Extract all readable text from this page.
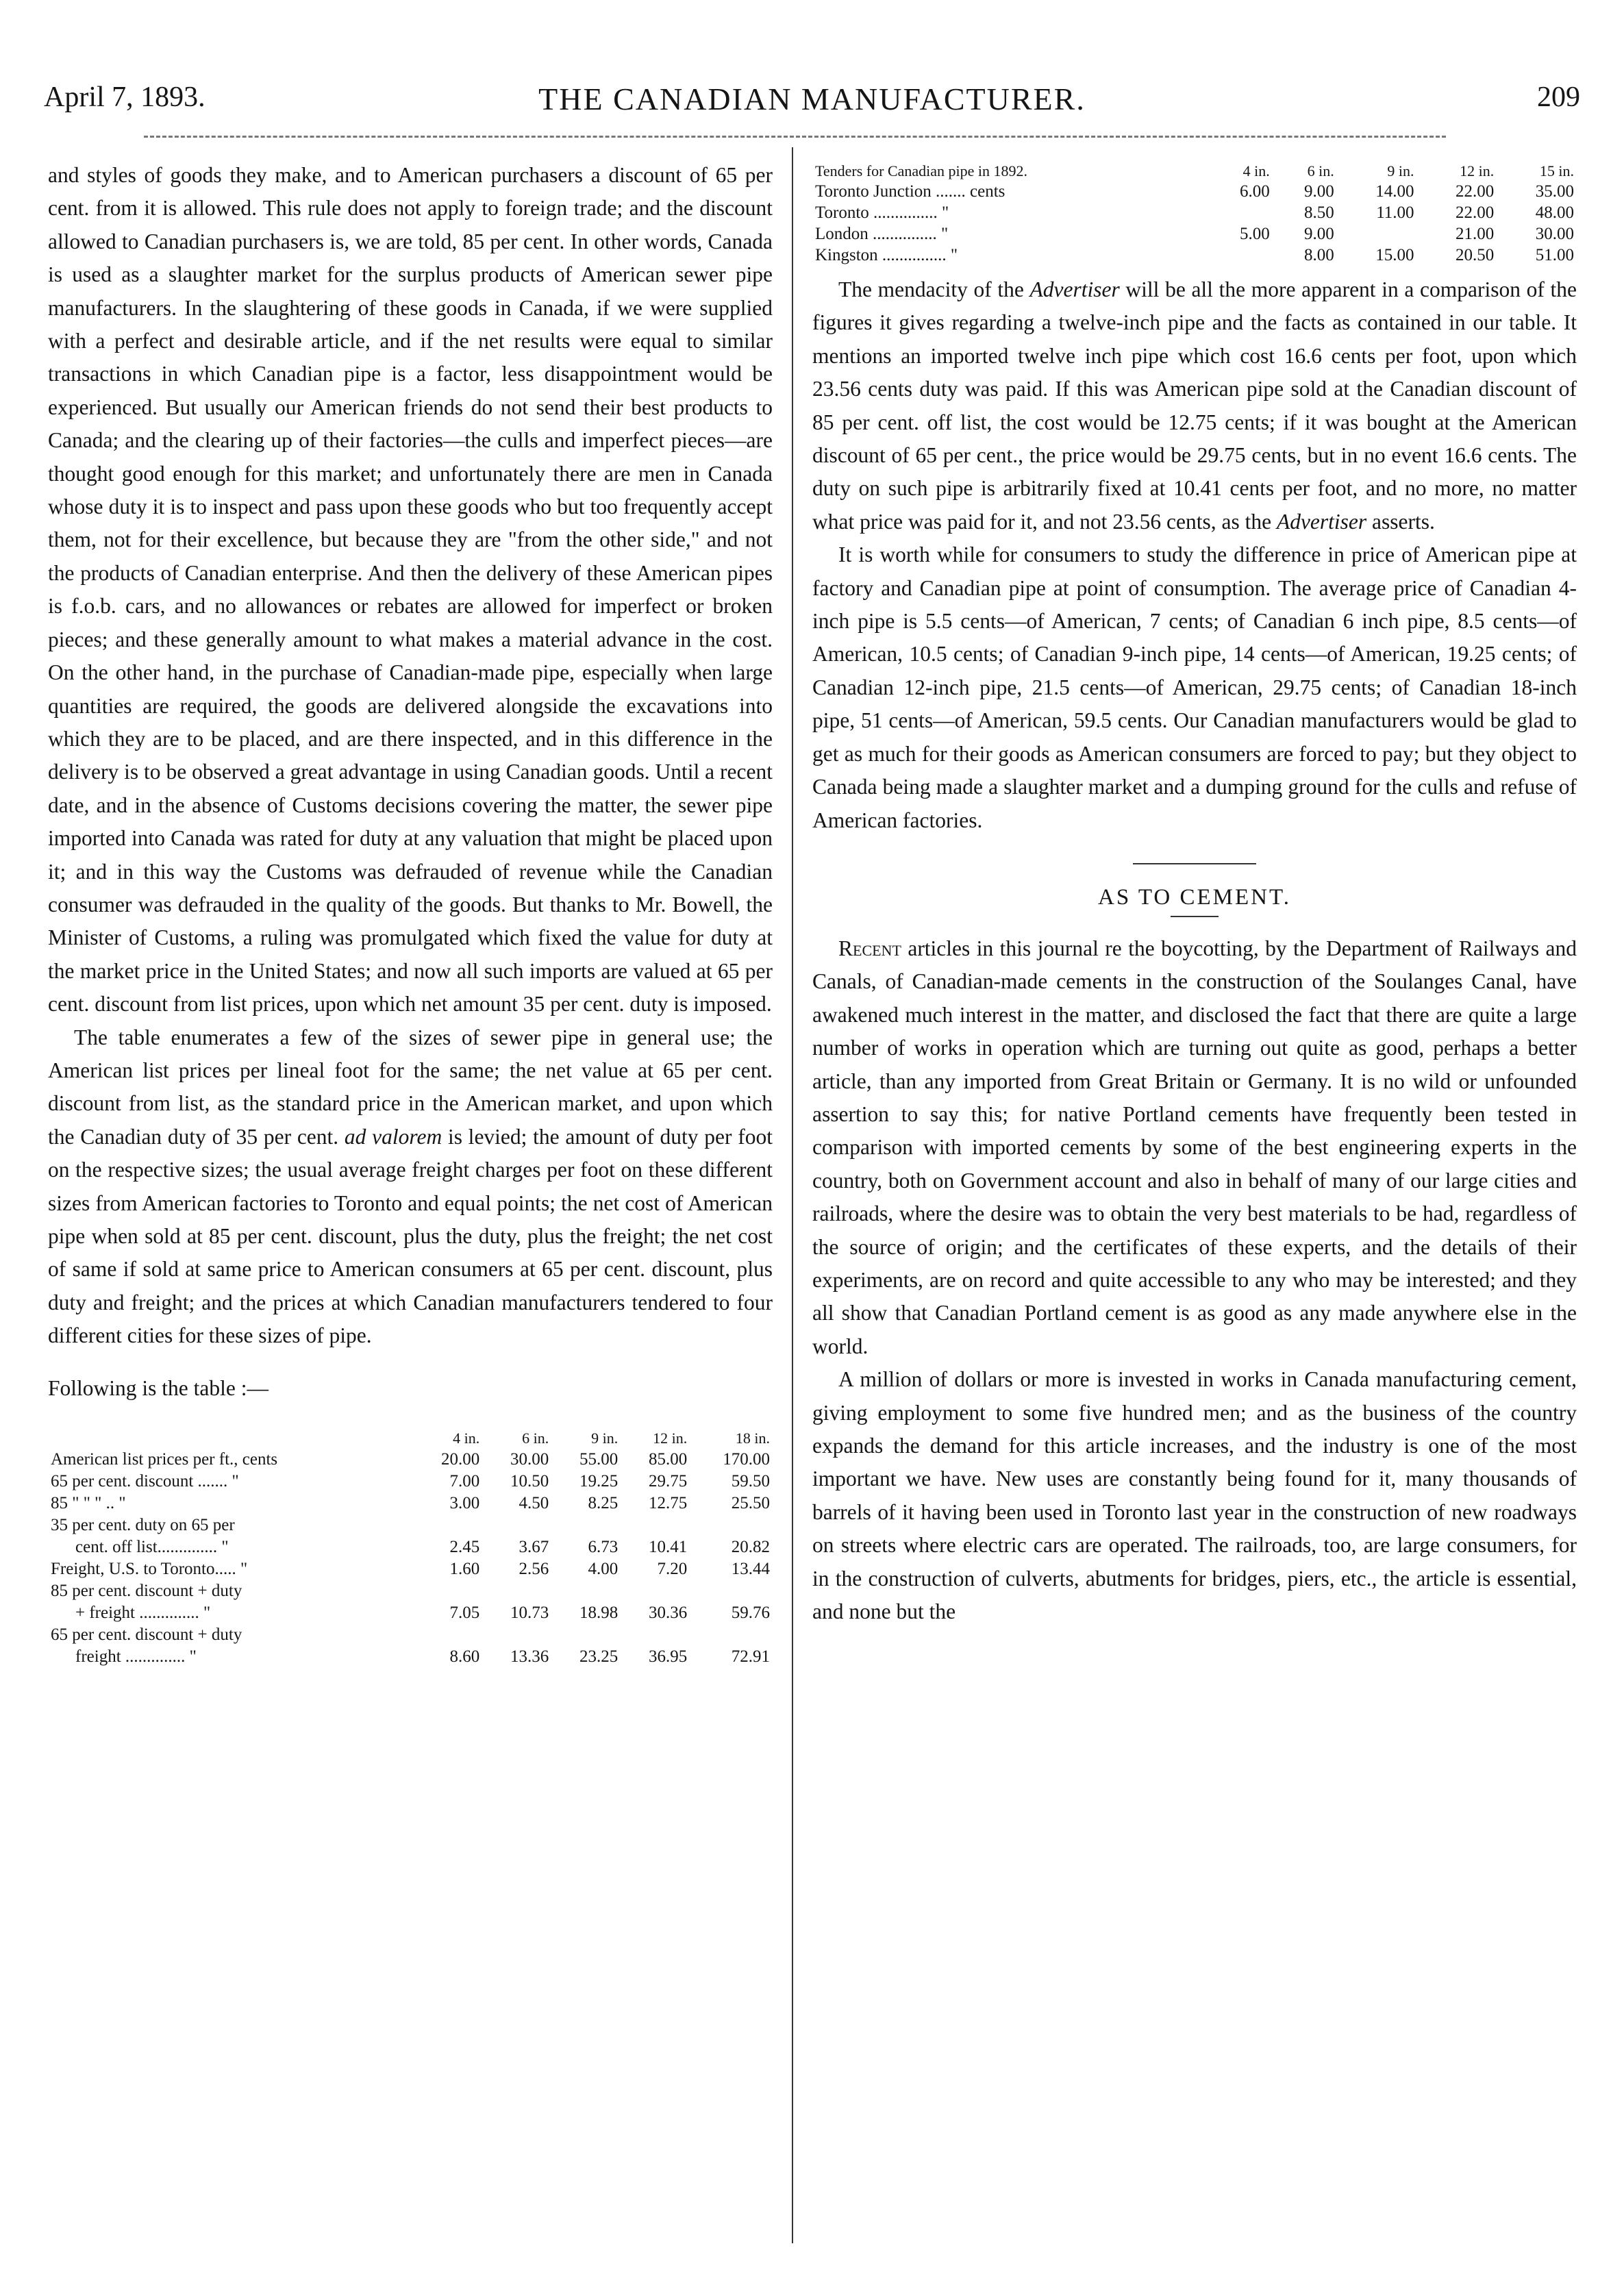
April 7, 1893.	THE CANADIAN MANUFACTURER.	209

and styles of goods they make, and to American purchasers a discount of 65 per cent. from it is allowed. This rule does not apply to foreign trade; and the discount allowed to Canadian purchasers is, we are told, 85 per cent. In other words, Canada is used as a slaughter market for the surplus products of American sewer pipe manufacturers. In the slaughtering of these goods in Canada, if we were supplied with a perfect and desirable article, and if the net results were equal to similar transactions in which Canadian pipe is a factor, less disappointment would be experienced. But usually our American friends do not send their best products to Canada; and the clearing up of their factories—the culls and imperfect pieces—are thought good enough for this market; and unfortunately there are men in Canada whose duty it is to inspect and pass upon these goods who but too frequently accept them, not for their excellence, but because they are "from the other side," and not the products of Canadian enterprise. And then the delivery of these American pipes is f.o.b. cars, and no allowances or rebates are allowed for imperfect or broken pieces; and these generally amount to what makes a material advance in the cost. On the other hand, in the purchase of Canadian-made pipe, especially when large quantities are required, the goods are delivered alongside the excavations into which they are to be placed, and are there inspected, and in this difference in the delivery is to be observed a great advantage in using Canadian goods. Until a recent date, and in the absence of Customs decisions covering the matter, the sewer pipe imported into Canada was rated for duty at any valuation that might be placed upon it; and in this way the Customs was defrauded of revenue while the Canadian consumer was defrauded in the quality of the goods. But thanks to Mr. Bowell, the Minister of Customs, a ruling was promulgated which fixed the value for duty at the market price in the United States; and now all such imports are valued at 65 per cent. discount from list prices, upon which net amount 35 per cent. duty is imposed.

The table enumerates a few of the sizes of sewer pipe in general use; the American list prices per lineal foot for the same; the net value at 65 per cent. discount from list, as the standard price in the American market, and upon which the Canadian duty of 35 per cent. ad valorem is levied; the amount of duty per foot on the respective sizes; the usual average freight charges per foot on these different sizes from American factories to Toronto and equal points; the net cost of American pipe when sold at 85 per cent. discount, plus the duty, plus the freight; the net cost of same if sold at same price to American consumers at 65 per cent. discount, plus duty and freight; and the prices at which Canadian manufacturers tendered to four different cities for these sizes of pipe.

Following is the table :—

	4 in.	6 in.	9 in.	12 in.	18 in.
American list prices per ft., cents	20.00	30.00	55.00	85.00	170.00
65 per cent. discount ....... "	7.00	10.50	19.25	29.75	59.50
85 " " " .. "	3.00	4.50	8.25	12.75	25.50
35 per cent. duty on 65 per					
cent. off list.............. "	2.45	3.67	6.73	10.41	20.82
Freight, U.S. to Toronto..... "	1.60	2.56	4.00	7.20	13.44
85 per cent. discount + duty					
+ freight .............. "	7.05	10.73	18.98	30.36	59.76
65 per cent. discount + duty					
freight .............. "	8.60	13.36	23.25	36.95	72.91
Tenders for Canadian pipe in 1892.	4 in.	6 in.	9 in.	12 in.	15 in.
Toronto Junction ....... cents	6.00	9.00	14.00	22.00	35.00
Toronto ............... "		8.50	11.00	22.00	48.00
London ............... "	5.00	9.00		21.00	30.00
Kingston ............... "		8.00	15.00	20.50	51.00

The mendacity of the Advertiser will be all the more apparent in a comparison of the figures it gives regarding a twelve-inch pipe and the facts as contained in our table. It mentions an imported twelve inch pipe which cost 16.6 cents per foot, upon which 23.56 cents duty was paid. If this was American pipe sold at the Canadian discount of 85 per cent. off list, the cost would be 12.75 cents; if it was bought at the American discount of 65 per cent., the price would be 29.75 cents, but in no event 16.6 cents. The duty on such pipe is arbitrarily fixed at 10.41 cents per foot, and no more, no matter what price was paid for it, and not 23.56 cents, as the Advertiser asserts.

It is worth while for consumers to study the difference in price of American pipe at factory and Canadian pipe at point of consumption. The average price of Canadian 4-inch pipe is 5.5 cents—of American, 7 cents; of Canadian 6 inch pipe, 8.5 cents—of American, 10.5 cents; of Canadian 9-inch pipe, 14 cents—of American, 19.25 cents; of Canadian 12-inch pipe, 21.5 cents—of American, 29.75 cents; of Canadian 18-inch pipe, 51 cents—of American, 59.5 cents. Our Canadian manufacturers would be glad to get as much for their goods as American consumers are forced to pay; but they object to Canada being made a slaughter market and a dumping ground for the culls and refuse of American factories.

AS TO CEMENT.

Recent articles in this journal re the boycotting, by the Department of Railways and Canals, of Canadian-made cements in the construction of the Soulanges Canal, have awakened much interest in the matter, and disclosed the fact that there are quite a large number of works in operation which are turning out quite as good, perhaps a better article, than any imported from Great Britain or Germany. It is no wild or unfounded assertion to say this; for native Portland cements have frequently been tested in comparison with imported cements by some of the best engineering experts in the country, both on Government account and also in behalf of many of our large cities and railroads, where the desire was to obtain the very best materials to be had, regardless of the source of origin; and the certificates of these experts, and the details of their experiments, are on record and quite accessible to any who may be interested; and they all show that Canadian Portland cement is as good as any made anywhere else in the world.

A million of dollars or more is invested in works in Canada manufacturing cement, giving employment to some five hundred men; and as the business of the country expands the demand for this article increases, and the industry is one of the most important we have. New uses are constantly being found for it, many thousands of barrels of it having been used in Toronto last year in the construction of new roadways on streets where electric cars are operated. The railroads, too, are large consumers, for in the construction of culverts, abutments for bridges, piers, etc., the article is essential, and none but the
